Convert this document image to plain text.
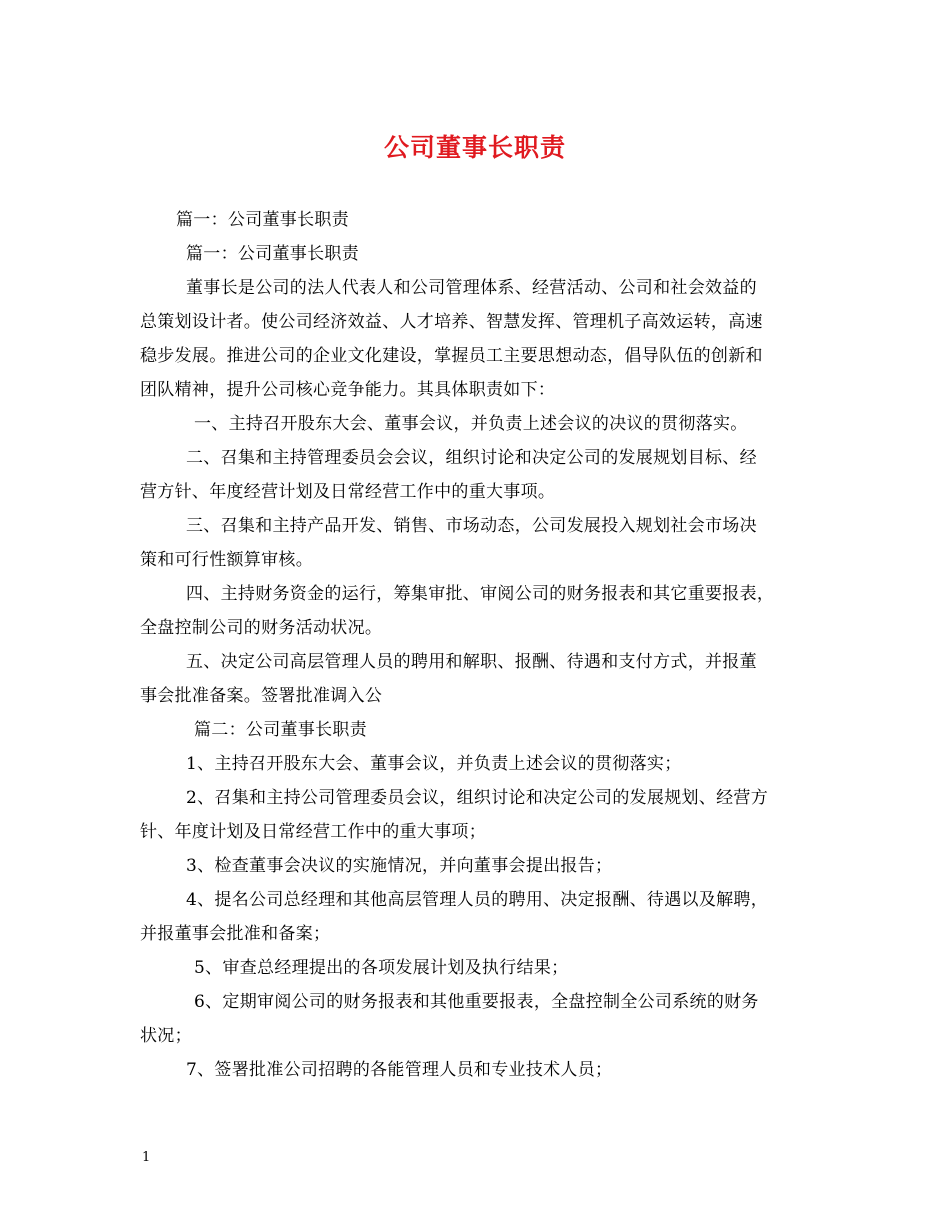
公司董事长职责
篇一：公司董事长职责
篇一：公司董事长职责
董事长是公司的法人代表人和公司管理体系、经营活动、公司和社会效益的
总策划设计者。使公司经济效益、人才培养、智慧发挥、管理机子高效运转，高速
稳步发展。推进公司的企业文化建设，掌握员工主要思想动态，倡导队伍的创新和
团队精神，提升公司核心竞争能力。其具体职责如下：
一、主持召开股东大会、董事会议，并负责上述会议的决议的贯彻落实。
二、召集和主持管理委员会会议，组织讨论和决定公司的发展规划目标、经
营方针、年度经营计划及日常经营工作中的重大事项。
三、召集和主持产品开发、销售、市场动态，公司发展投入规划社会市场决
策和可行性额算审核。
四、主持财务资金的运行，筹集审批、审阅公司的财务报表和其它重要报表，
全盘控制公司的财务活动状况。
五、决定公司高层管理人员的聘用和解职、报酬、待遇和支付方式，并报董
事会批准备案。签署批准调入公
篇二：公司董事长职责
1、主持召开股东大会、董事会议，并负责上述会议的贯彻落实；
2、召集和主持公司管理委员会议，组织讨论和决定公司的发展规划、经营方
针、年度计划及日常经营工作中的重大事项；
3、检查董事会决议的实施情况，并向董事会提出报告；
4、提名公司总经理和其他高层管理人员的聘用、决定报酬、待遇以及解聘，
并报董事会批准和备案；
5、审查总经理提出的各项发展计划及执行结果；
6、定期审阅公司的财务报表和其他重要报表，全盘控制全公司系统的财务
状况；
7、签署批准公司招聘的各能管理人员和专业技术人员；
1
